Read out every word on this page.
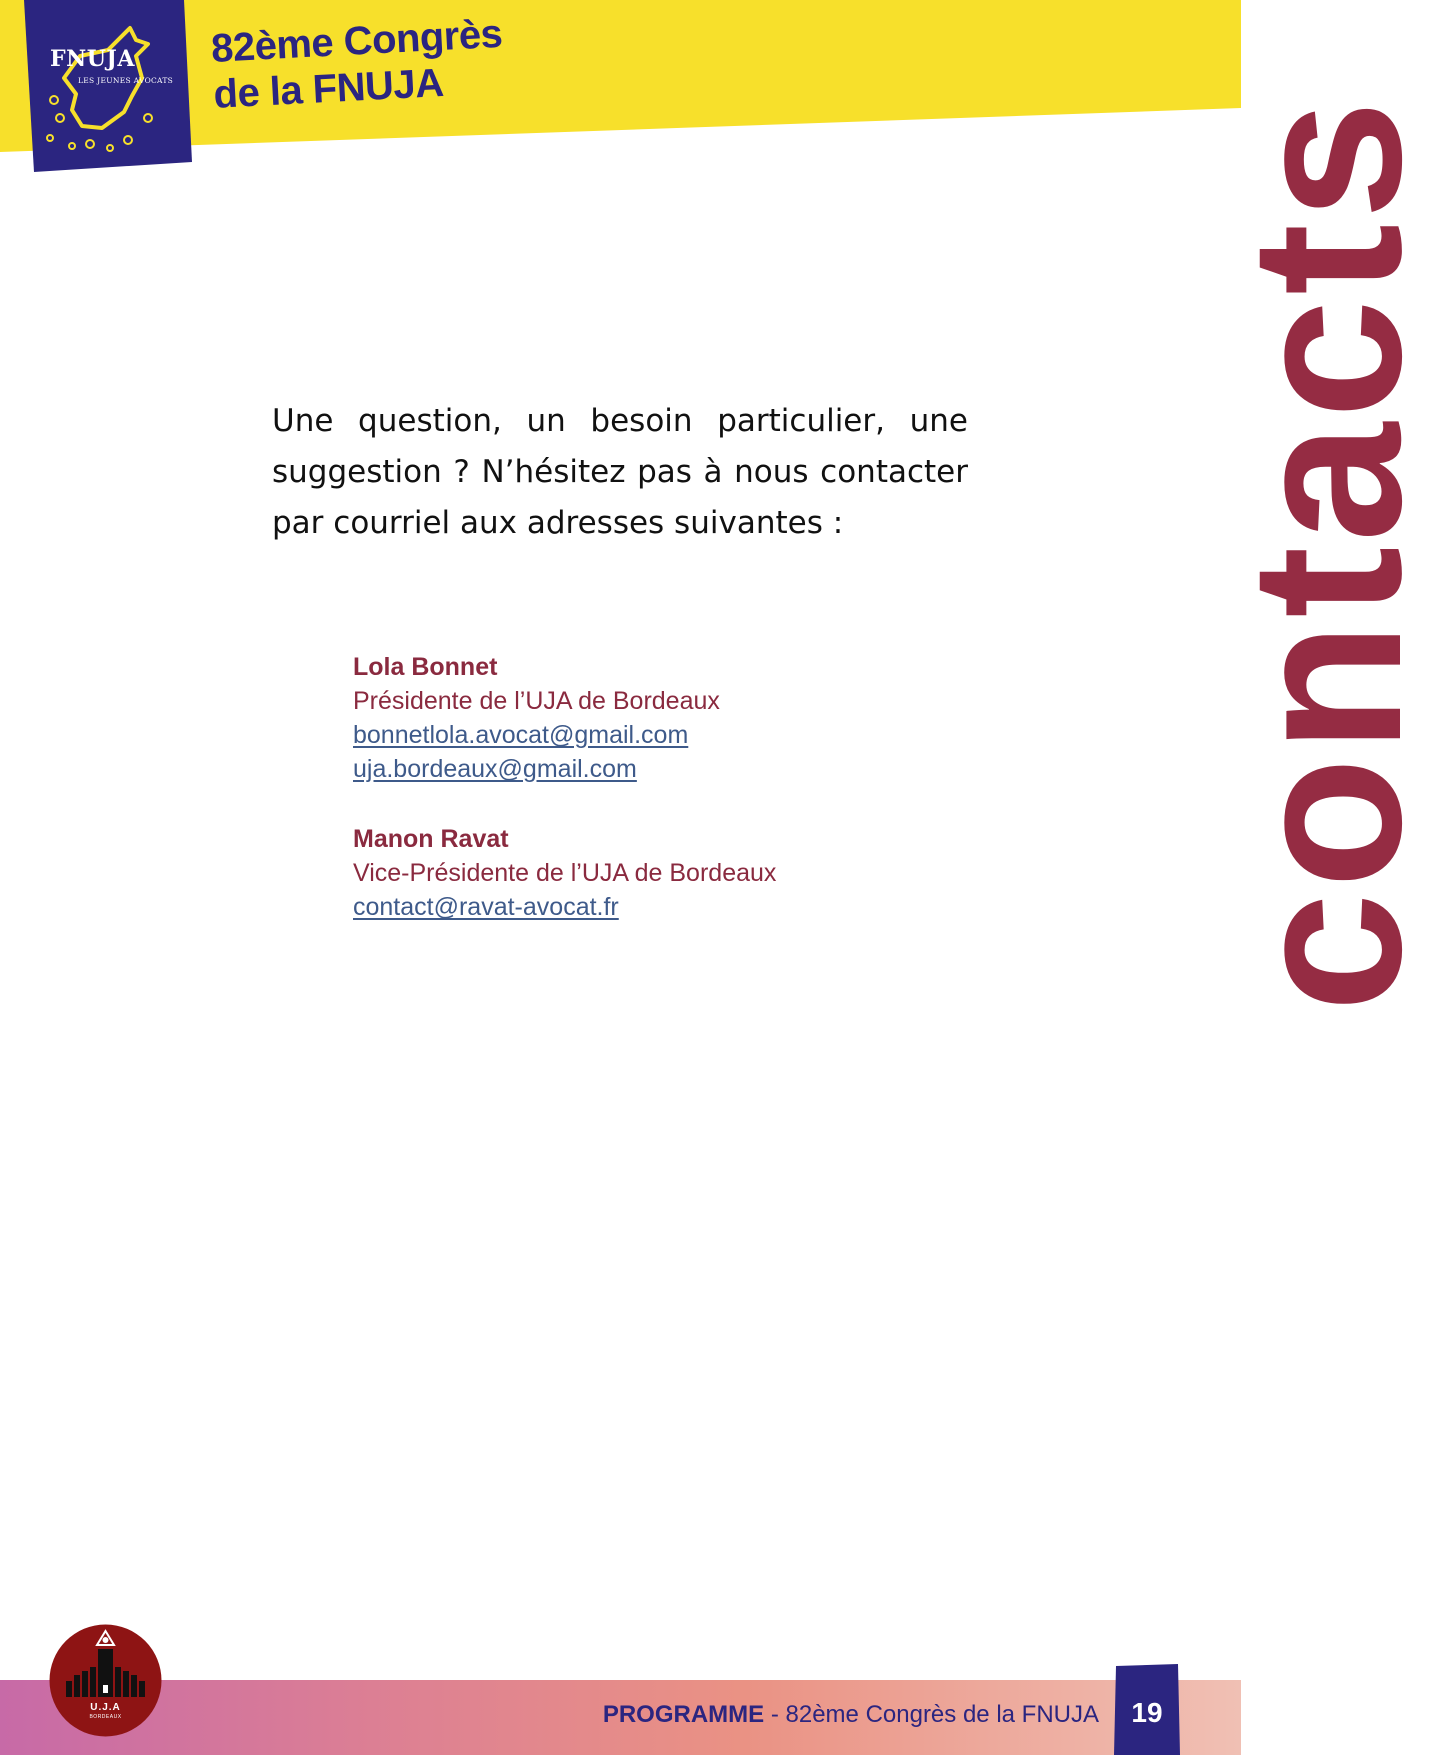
FNUJA
LES JEUNES AVOCATS
82ème Congrès
de la FNUJA
contacts
Une question, un besoin particulier, une suggestion ? N’hésitez pas à nous contacter par courriel aux adresses suivantes :
Lola Bonnet
Présidente de l’UJA de Bordeaux
bonnetlola.avocat@gmail.com
uja.bordeaux@gmail.com
Manon Ravat
Vice-Présidente de l’UJA de Bordeaux
contact@ravat-avocat.fr
PROGRAMME - 82ème Congrès de la FNUJA	19
U.J.A
BORDEAUX
